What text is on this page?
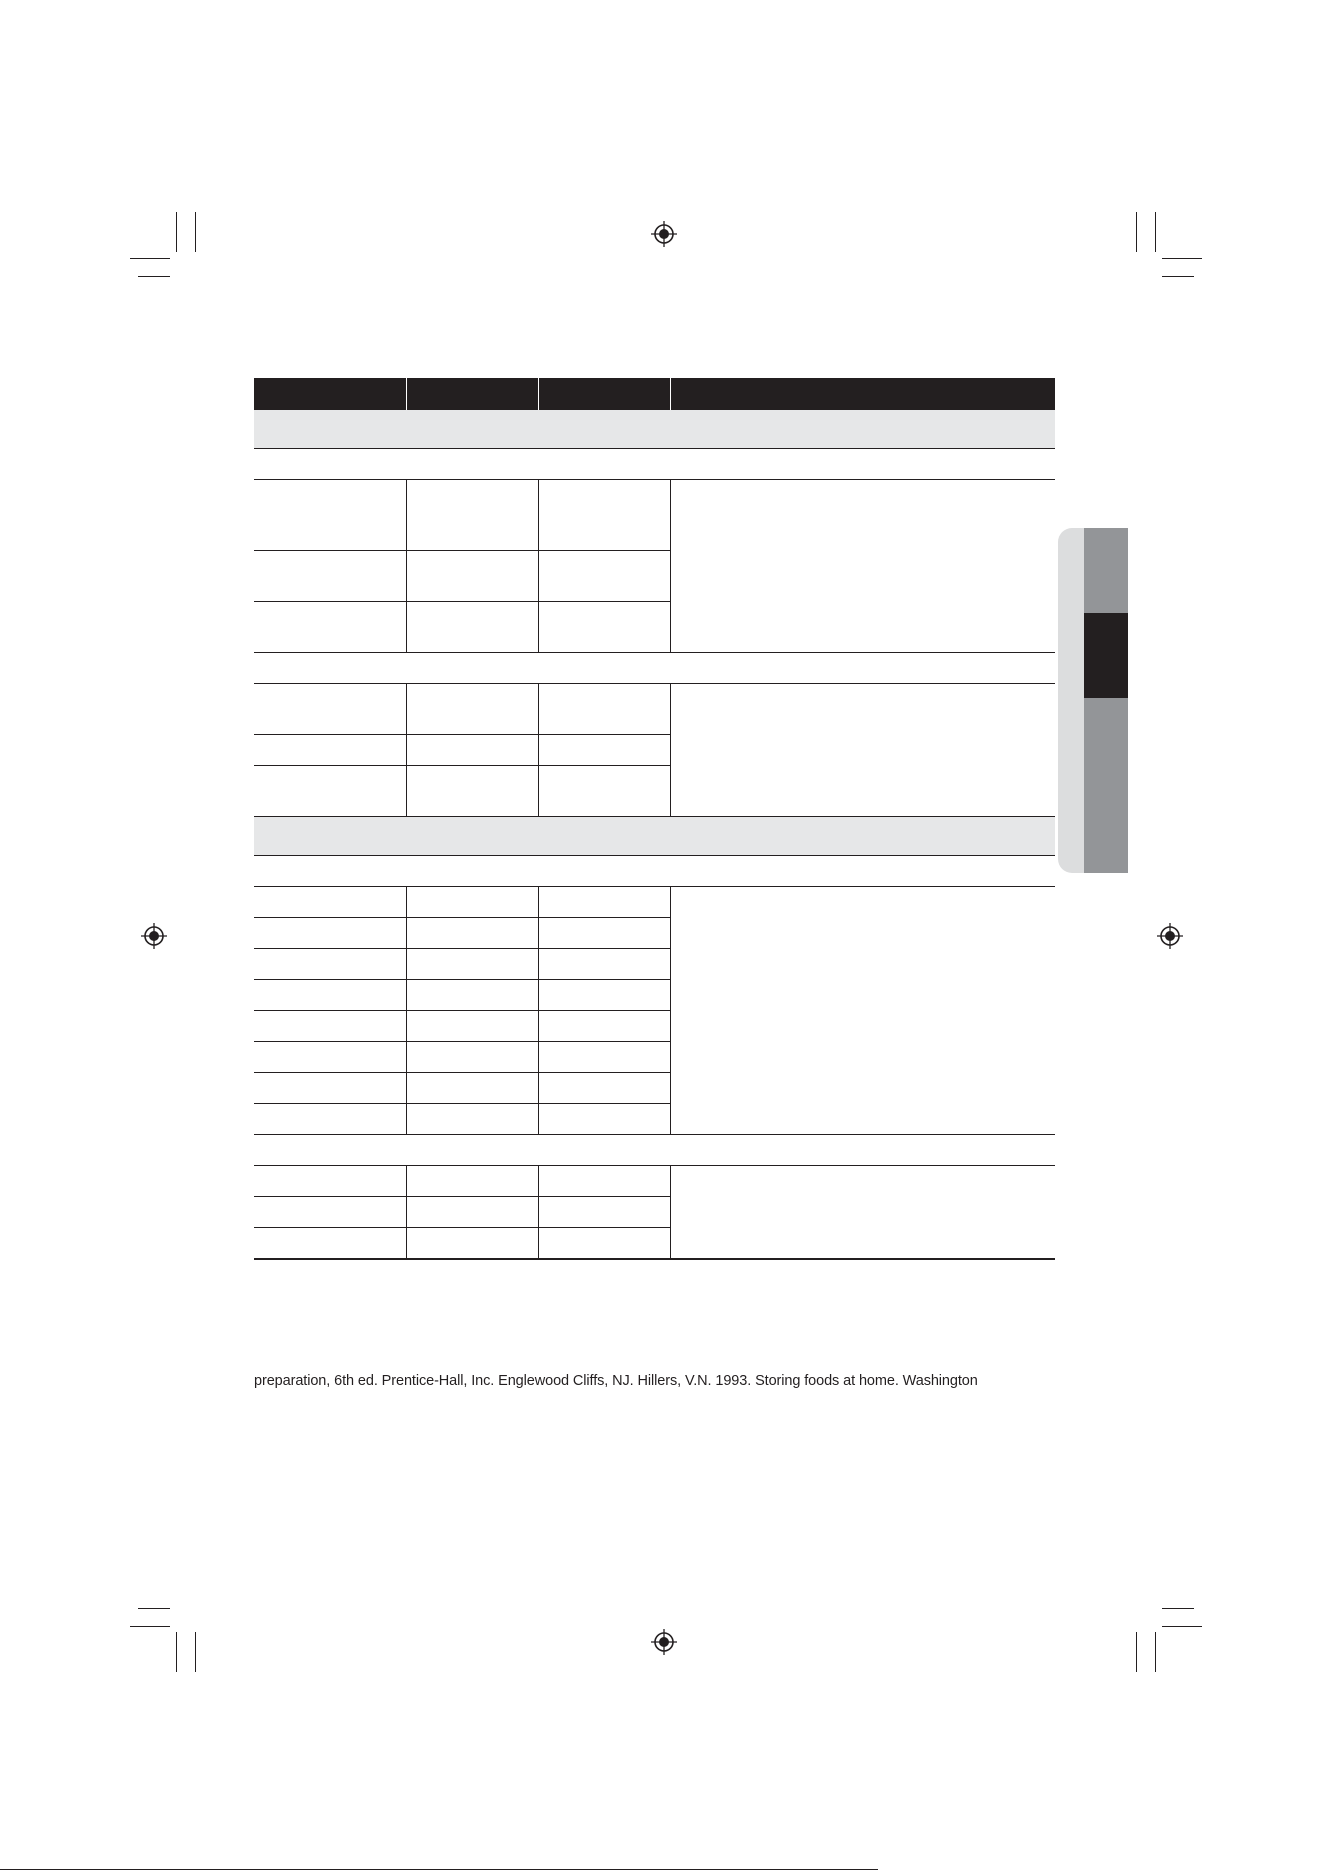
preparation, 6th ed. Prentice-Hall, Inc. Englewood Cliffs, NJ. Hillers, V.N. 1993. Storing foods at home. Washington
